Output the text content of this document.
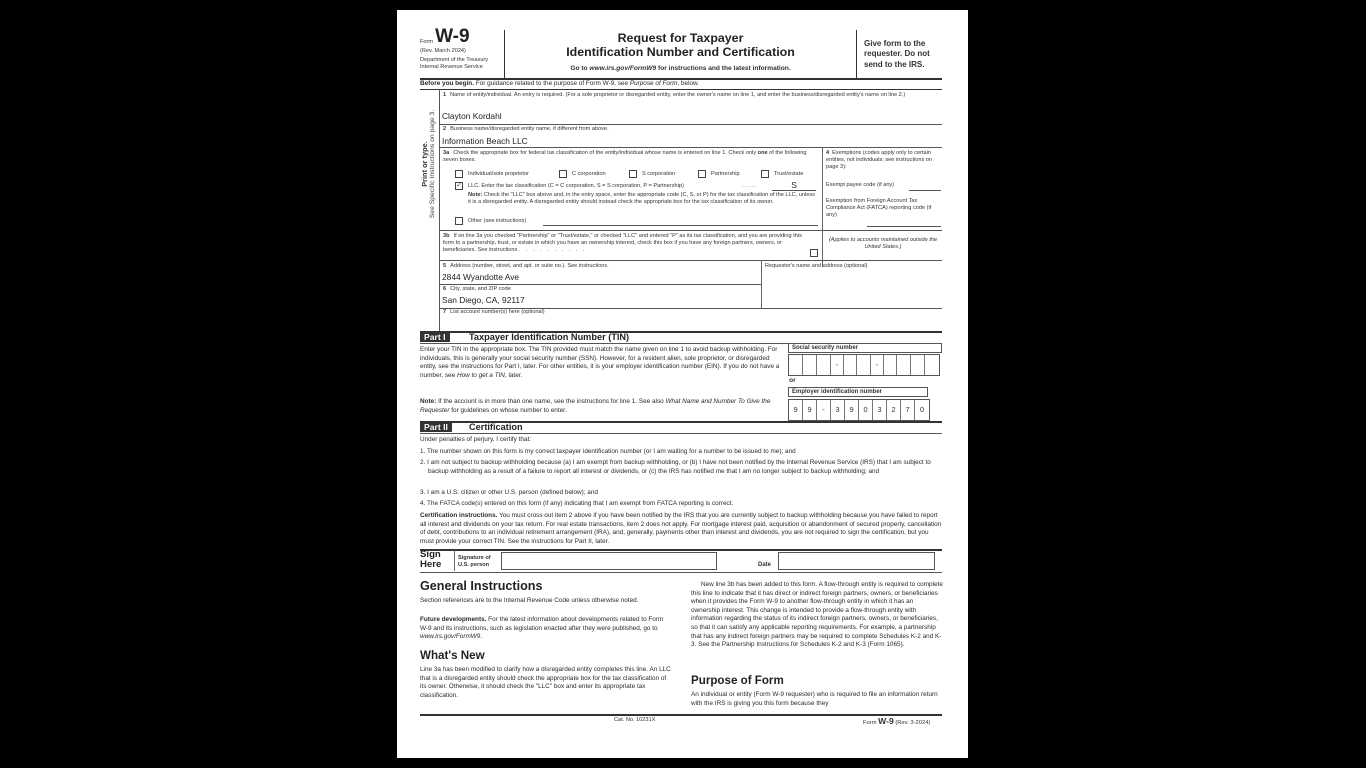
Form W-9
(Rev. March 2024)
Department of the Treasury
Internal Revenue Service
Request for Taxpayer
Identification Number and Certification
Go to www.irs.gov/FormW9 for instructions and the latest information.
Give form to the requester. Do not send to the IRS.
Before you begin. For guidance related to the purpose of Form W-9, see Purpose of Form, below.
Print or type. See Specific Instructions on page 3.
1 Name of entity/individual. An entry is required. (For a sole proprietor or disregarded entity, enter the owner's name on line 1, and enter the business/disregarded entity's name on line 2.)
Clayton Kordahl
2 Business name/disregarded entity name, if different from above.
Information Beach LLC
3a Check the appropriate box for federal tax classification of the entity/individual whose name is entered on line 1. Check only one of the following seven boxes.
Individual/sole proprietor	C corporation	S corporation	Partnership	Trust/estate
✓ LLC. Enter the tax classification (C = C corporation, S = S corporation, P = Partnership)	. . . . .	S
Note: Check the "LLC" box above and, in the entry space, enter the appropriate code (C, S, or P) for the tax classification of the LLC, unless it is a disregarded entity. A disregarded entity should instead check the appropriate box for the tax classification of its owner.
Other (see instructions)
4 Exemptions (codes apply only to certain entities, not individuals; see instructions on page 3):
Exempt payee code (if any)
Exemption from Foreign Account Tax Compliance Act (FATCA) reporting code (if any)
(Applies to accounts maintained outside the United States.)
3b If on line 3a you checked "Partnership" or "Trust/estate," or checked "LLC" and entered "P" as its tax classification, and you are providing this form to a partnership, trust, or estate in which you have an ownership interest, check this box if you have any foreign partners, owners, or beneficiaries. See instructions . . . . . . . . . .
5 Address (number, street, and apt. or suite no.). See instructions.
2844 Wyandotte Ave
Requester's name and address (optional)
6 City, state, and ZIP code
San Diego, CA, 92117
7 List account number(s) here (optional)
Part I	Taxpayer Identification Number (TIN)
Enter your TIN in the appropriate box. The TIN provided must match the name given on line 1 to avoid backup withholding. For individuals, this is generally your social security number (SSN). However, for a resident alien, sole proprietor, or disregarded entity, see the instructions for Part I, later. For other entities, it is your employer identification number (EIN). If you do not have a number, see How to get a TIN, later.
Note: If the account is in more than one name, see the instructions for line 1. See also What Name and Number To Give the Requester for guidelines on whose number to enter.
Social security number
-	-
or
Employer identification number
9	9	-	3	9	0	3	2	7	0
Part II	Certification
Under penalties of perjury, I certify that:
1. The number shown on this form is my correct taxpayer identification number (or I am waiting for a number to be issued to me); and
2. I am not subject to backup withholding because (a) I am exempt from backup withholding, or (b) I have not been notified by the Internal Revenue Service (IRS) that I am subject to backup withholding as a result of a failure to report all interest or dividends, or (c) the IRS has notified me that I am no longer subject to backup withholding; and
3. I am a U.S. citizen or other U.S. person (defined below); and
4. The FATCA code(s) entered on this form (if any) indicating that I am exempt from FATCA reporting is correct.
Certification instructions. You must cross out item 2 above if you have been notified by the IRS that you are currently subject to backup withholding because you have failed to report all interest and dividends on your tax return. For real estate transactions, item 2 does not apply. For mortgage interest paid, acquisition or abandonment of secured property, cancellation of debt, contributions to an individual retirement arrangement (IRA), and, generally, payments other than interest and dividends, you are not required to sign the certification, but you must provide your correct TIN. See the instructions for Part II, later.
Sign
Here
Signature of
U.S. person	Date
General Instructions
Section references are to the Internal Revenue Code unless otherwise noted.
Future developments. For the latest information about developments related to Form W-9 and its instructions, such as legislation enacted after they were published, go to www.irs.gov/FormW9.
What's New
Line 3a has been modified to clarify how a disregarded entity completes this line. An LLC that is a disregarded entity should check the appropriate box for the tax classification of its owner. Otherwise, it should check the "LLC" box and enter its appropriate tax classification.
New line 3b has been added to this form. A flow-through entity is required to complete this line to indicate that it has direct or indirect foreign partners, owners, or beneficiaries when it provides the Form W-9 to another flow-through entity in which it has an ownership interest. This change is intended to provide a flow-through entity with information regarding the status of its indirect foreign partners, owners, or beneficiaries, so that it can satisfy any applicable reporting requirements. For example, a partnership that has any indirect foreign partners may be required to complete Schedules K-2 and K-3. See the Partnership Instructions for Schedules K-2 and K-3 (Form 1065).
Purpose of Form
An individual or entity (Form W-9 requester) who is required to file an information return with the IRS is giving you this form because they
Cat. No. 10231X	Form W-9 (Rev. 3-2024)
